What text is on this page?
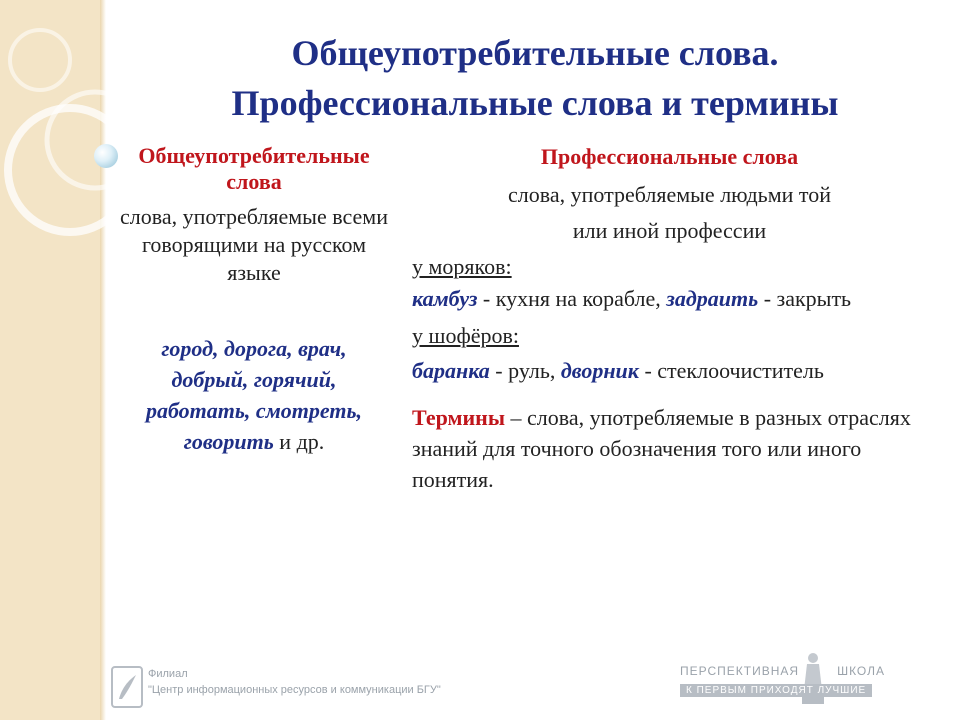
Общеупотребительные слова.
Профессиональные слова и термины
Общеупотребительные слова
слова, употребляемые всеми говорящими на русском языке
город, дорога, врач,
добрый, горячий,
работать, смотреть,
говорить и др.
Профессиональные слова
слова, употребляемые людьми той
или иной профессии
у моряков:
камбуз - кухня на корабле, задраить - закрыть
у шофёров:
баранка - руль, дворник - стеклоочиститель
Термины – слова, употребляемые в разных отраслях знаний для точного обозначения того или иного понятия.
Филиал
"Центр информационных ресурсов и коммуникации БГУ"
ПЕРСПЕКТИВНАЯ	ШКОЛА
К ПЕРВЫМ ПРИХОДЯТ ЛУЧШИЕ
